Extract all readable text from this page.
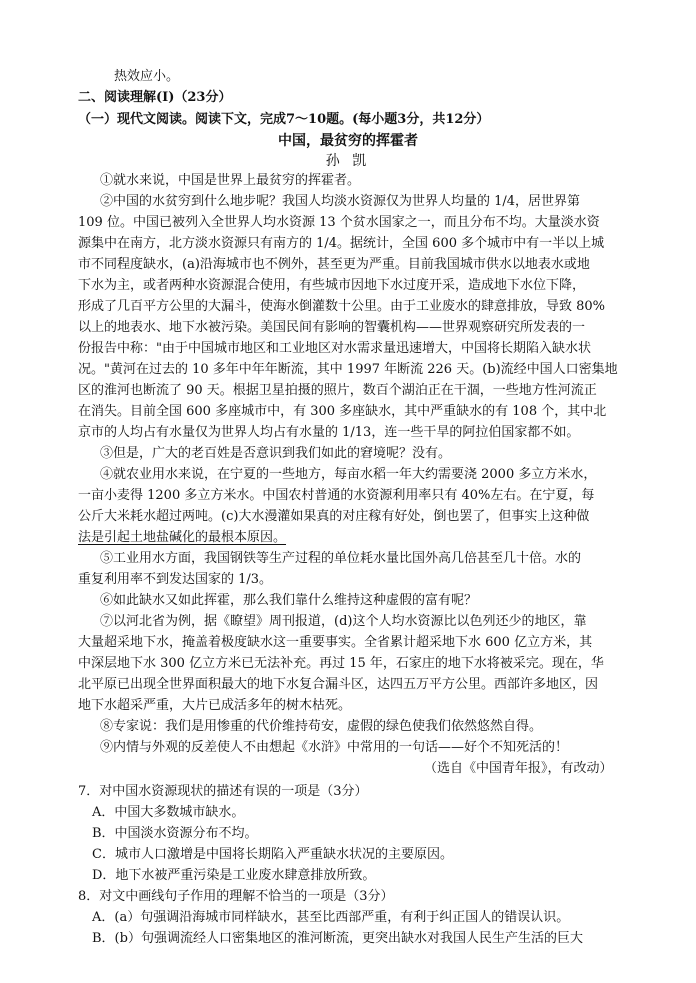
热效应小。
二、阅读理解(Ⅰ)（23分）
（一）现代文阅读。阅读下文，完成7～10题。(每小题3分，共12分）
中国，最贫穷的挥霍者
孙 凯
①就水来说，中国是世界上最贫穷的挥霍者。
②中国的水贫穷到什么地步呢？我国人均淡水资源仅为世界人均量的 1/4，居世界第
109 位。中国已被列入全世界人均水资源 13 个贫水国家之一，而且分布不均。大量淡水资
源集中在南方，北方淡水资源只有南方的 1/4。据统计，全国 600 多个城市中有一半以上城
市不同程度缺水，(a)沿海城市也不例外，甚至更为严重。目前我国城市供水以地表水或地
下水为主，或者两种水资源混合使用，有些城市因地下水过度开采，造成地下水位下降，
形成了几百平方公里的大漏斗，使海水倒灌数十公里。由于工业废水的肆意排放，导致 80%
以上的地表水、地下水被污染。美国民间有影响的智囊机构——世界观察研究所发表的一
份报告中称："由于中国城市地区和工业地区对水需求量迅速增大，中国将长期陷入缺水状
况。"黄河在过去的 10 多年中年年断流，其中 1997 年断流 226 天。(b)流经中国人口密集地
区的淮河也断流了 90 天。根据卫星拍摄的照片，数百个湖泊正在干涸，一些地方性河流正
在消失。目前全国 600 多座城市中，有 300 多座缺水，其中严重缺水的有 108 个，其中北
京市的人均占有水量仅为世界人均占有水量的 1/13，连一些干旱的阿拉伯国家都不如。
③但是，广大的老百姓是否意识到我们如此的窘境呢？没有。
④就农业用水来说，在宁夏的一些地方，每亩水稻一年大约需要浇 2000 多立方米水，
一亩小麦得 1200 多立方米水。中国农村普通的水资源利用率只有 40%左右。在宁夏，每
公斤大米耗水超过两吨。(c)大水漫灌如果真的对庄稼有好处，倒也罢了，但事实上这种做
法是引起土地盐碱化的最根本原因。
⑤工业用水方面，我国钢铁等生产过程的单位耗水量比国外高几倍甚至几十倍。水的
重复利用率不到发达国家的 1/3。
⑥如此缺水又如此挥霍，那么我们靠什么维持这种虚假的富有呢？
⑦以河北省为例，据《瞭望》周刊报道，(d)这个人均水资源比以色列还少的地区，靠
大量超采地下水，掩盖着极度缺水这一重要事实。全省累计超采地下水 600 亿立方米，其
中深层地下水 300 亿立方米已无法补充。再过 15 年，石家庄的地下水将被采完。现在，华
北平原已出现全世界面积最大的地下水复合漏斗区，达四五万平方公里。西部许多地区，因
地下水超采严重，大片已成活多年的树木枯死。
⑧专家说：我们是用惨重的代价维持苟安，虚假的绿色使我们依然悠然自得。
⑨内情与外观的反差使人不由想起《水浒》中常用的一句话——好个不知死活的！
（选自《中国青年报》，有改动）
7．对中国水资源现状的描述有误的一项是（3分）
A．中国大多数城市缺水。
B．中国淡水资源分布不均。
C．城市人口激增是中国将长期陷入严重缺水状况的主要原因。
D．地下水被严重污染是工业废水肆意排放所致。
8．对文中画线句子作用的理解不恰当的一项是（3分）
A．(a）句强调沿海城市同样缺水，甚至比西部严重，有利于纠正国人的错误认识。
B．(b）句强调流经人口密集地区的淮河断流，更突出缺水对我国人民生产生活的巨大
